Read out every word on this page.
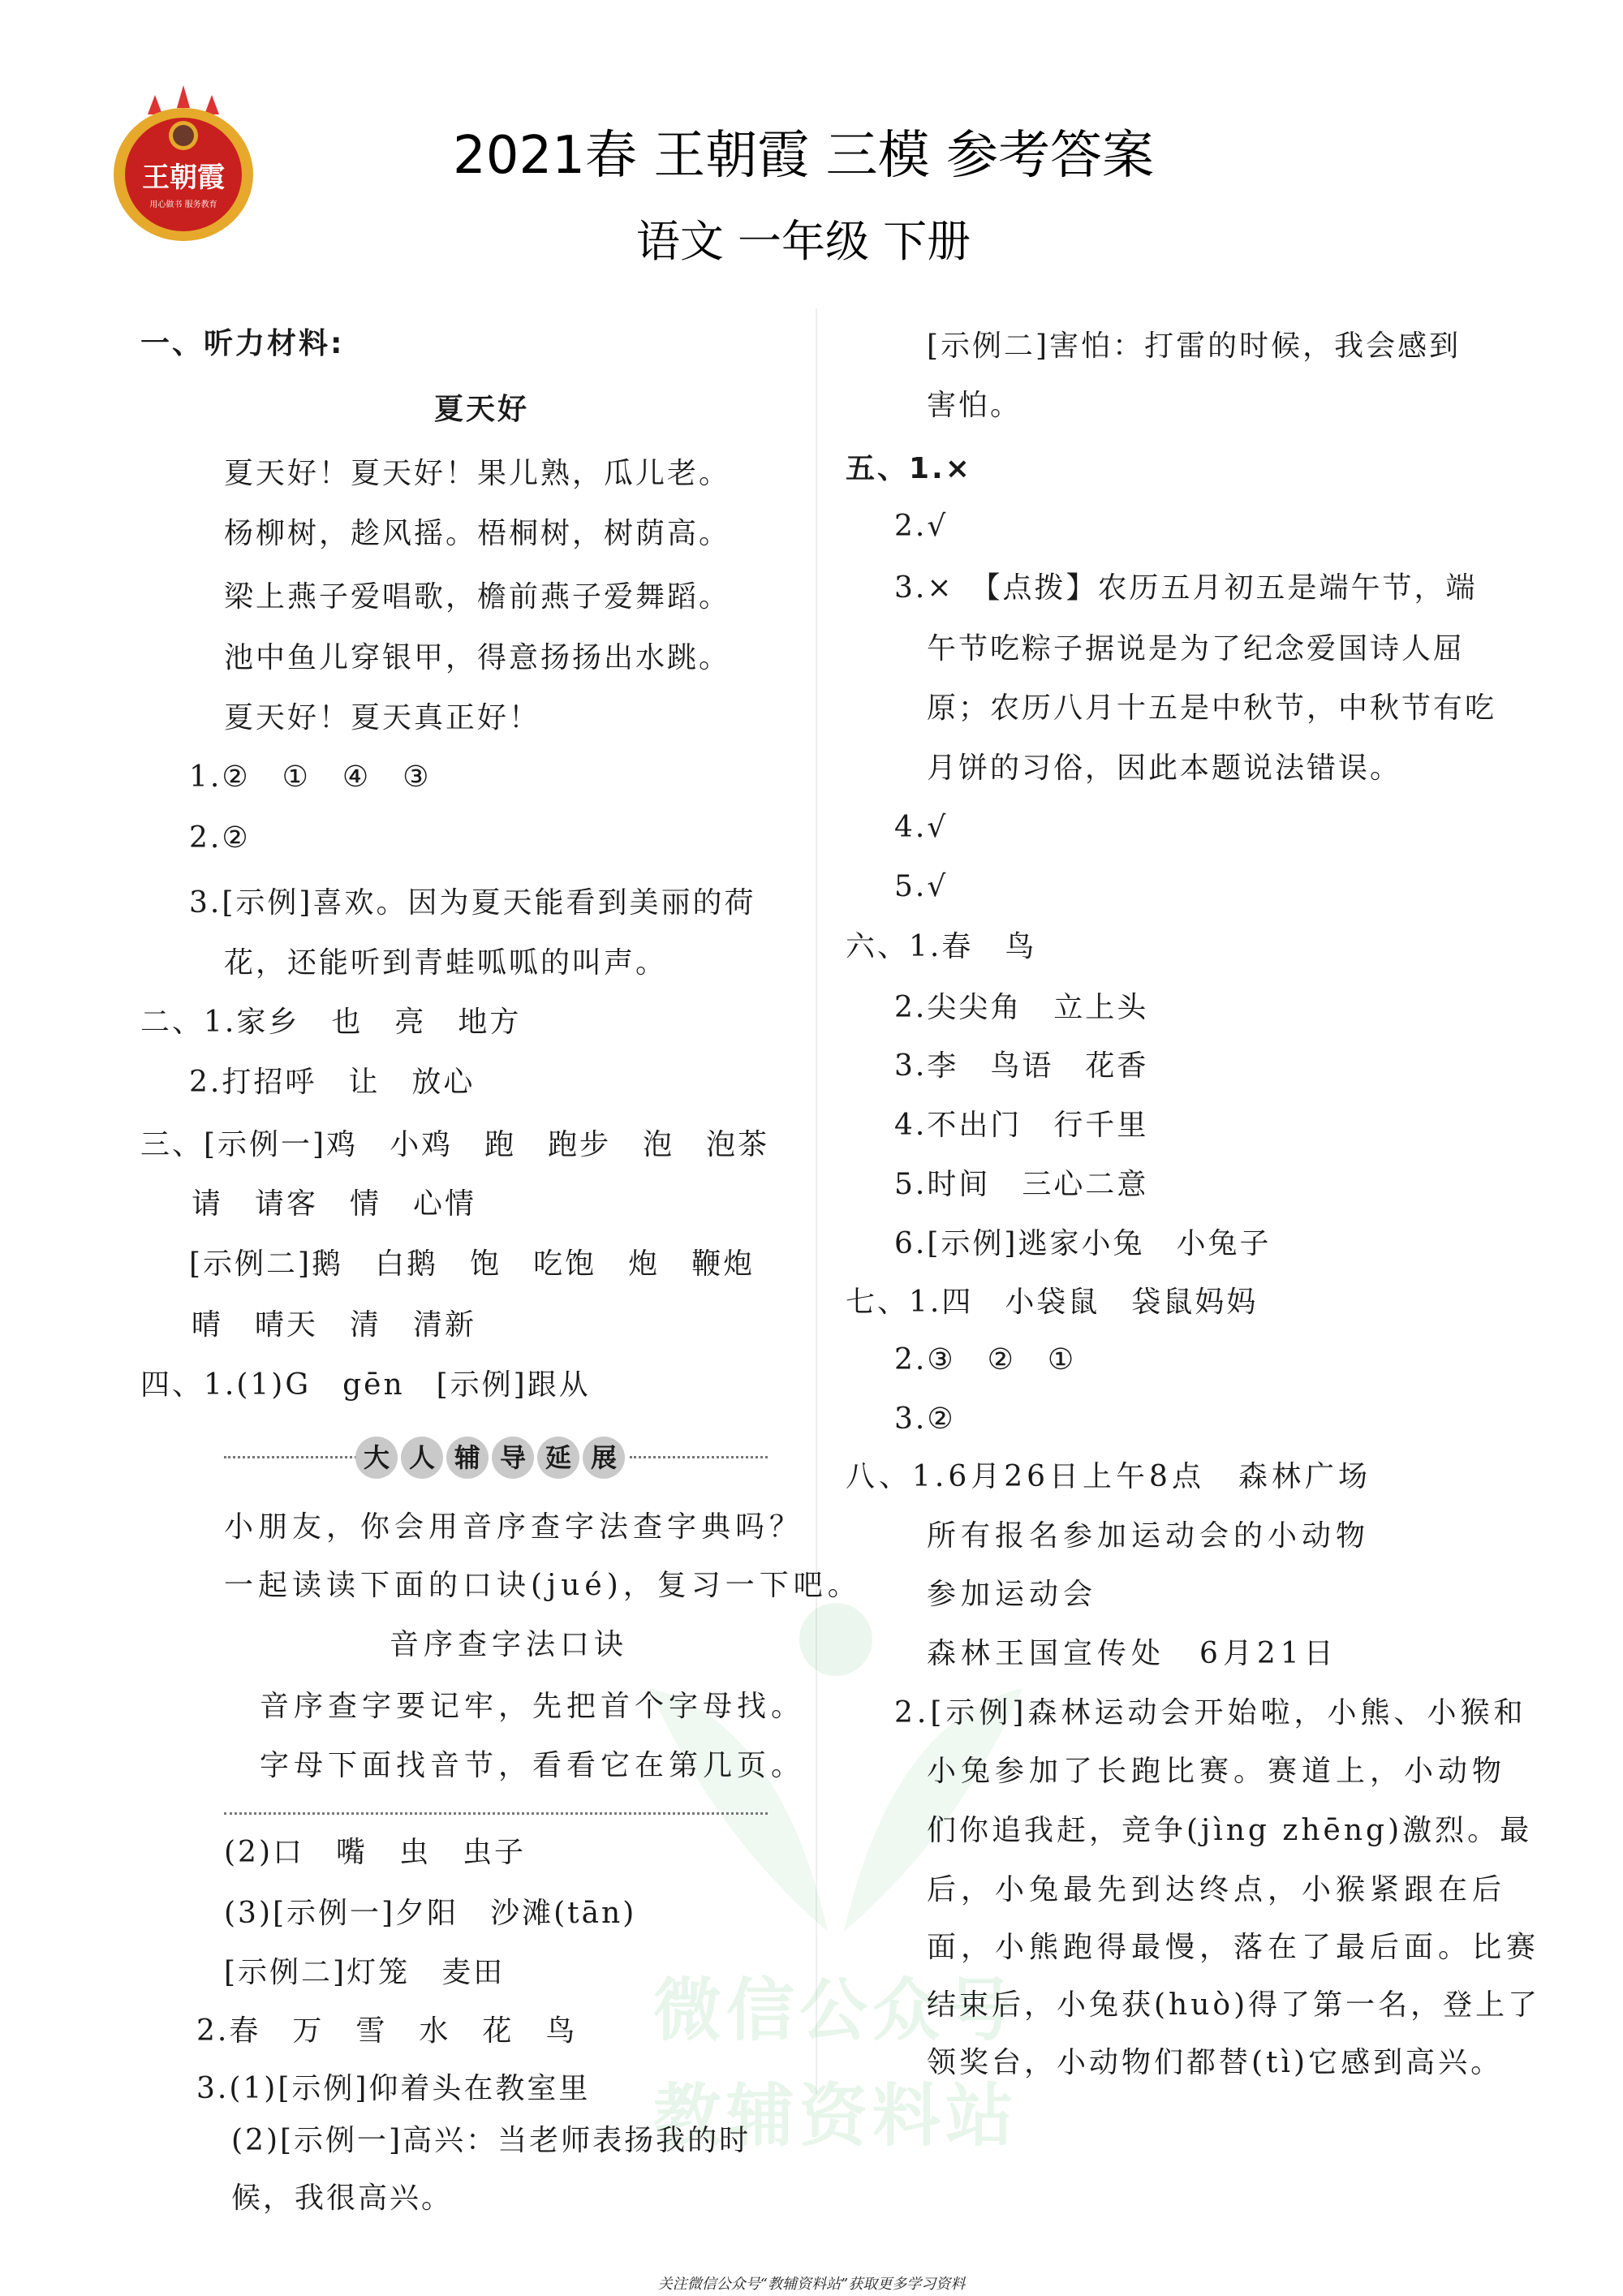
王朝霞
用心做书 服务教育
2021春 王朝霞 三模 参考答案
语文 一年级 下册
微信公众号
教辅资料站
一、听力材料:
夏天好
夏天好！夏天好！果儿熟，瓜儿老。
杨柳树，趁风摇。梧桐树，树荫高。
梁上燕子爱唱歌，檐前燕子爱舞蹈。
池中鱼儿穿银甲，得意扬扬出水跳。
夏天好！夏天真正好！
1.②　①　④　③
2.②
3.[示例]喜欢。因为夏天能看到美丽的荷
花，还能听到青蛙呱呱的叫声。
二、1.家乡　也　亮　地方
2.打招呼　让　放心
三、[示例一]鸡　小鸡　跑　跑步　泡　泡茶
请　请客　情　心情
[示例二]鹅　白鹅　饱　吃饱　炮　鞭炮
晴　晴天　清　清新
四、1.(1)G　gēn　[示例]跟从
大 人 辅 导 延 展
小朋友，你会用音序查字法查字典吗？
一起读读下面的口诀(jué)，复习一下吧。
音序查字法口诀
音序查字要记牢，先把首个字母找。
字母下面找音节，看看它在第几页。
(2)口　嘴　虫　虫子
(3)[示例一]夕阳　沙滩(tān)
[示例二]灯笼　麦田
2.春　万　雪　水　花　鸟
3.(1)[示例]仰着头在教室里
(2)[示例一]高兴：当老师表扬我的时
候，我很高兴。
[示例二]害怕：打雷的时候，我会感到
害怕。
五、1.×
2.√
3.×　【点拨】农历五月初五是端午节，端
午节吃粽子据说是为了纪念爱国诗人屈
原；农历八月十五是中秋节，中秋节有吃
月饼的习俗，因此本题说法错误。
4.√
5.√
六、1.春　鸟
2.尖尖角　立上头
3.李　鸟语　花香
4.不出门　行千里
5.时间　三心二意
6.[示例]逃家小兔　小兔子
七、1.四　小袋鼠　袋鼠妈妈
2.③　②　①
3.②
八、1.6月26日上午8点　森林广场
所有报名参加运动会的小动物
参加运动会
森林王国宣传处　6月21日
2.[示例]森林运动会开始啦，小熊、小猴和
小兔参加了长跑比赛。赛道上，小动物
们你追我赶，竞争(jìng zhēng)激烈。最
后，小兔最先到达终点，小猴紧跟在后
面，小熊跑得最慢，落在了最后面。比赛
结束后，小兔获(huò)得了第一名，登上了
领奖台，小动物们都替(tì)它感到高兴。
关注微信公众号“教辅资料站”获取更多学习资料
